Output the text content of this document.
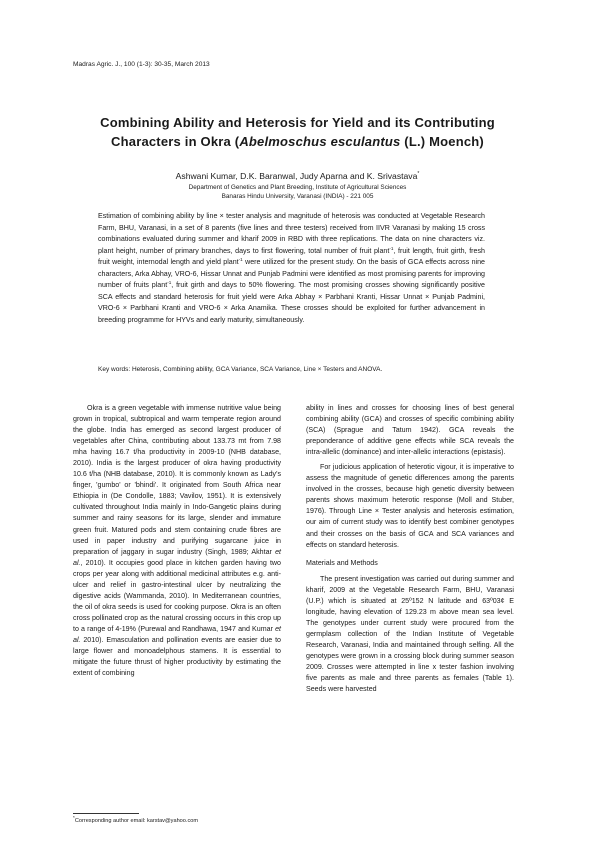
Madras Agric. J., 100 (1-3): 30-35, March 2013
Combining Ability and Heterosis for Yield and its Contributing
Characters in Okra (Abelmoschus esculantus (L.) Moench)
Ashwani Kumar, D.K. Baranwal, Judy Aparna and K. Srivastava*
Department of Genetics and Plant Breeding, Institute of Agricultural Sciences
Banaras Hindu University, Varanasi (INDIA) - 221 005
Estimation of combining ability by line × tester analysis and magnitude of heterosis was conducted at Vegetable Research Farm, BHU, Varanasi, in a set of 8 parents (five lines and three testers) received from IIVR Varanasi by making 15 cross combinations evaluated during summer and kharif 2009 in RBD with three replications. The data on nine characters viz. plant height, number of primary branches, days to first flowering, total number of fruit plant$^{-1}$, fruit length, fruit girth, fresh fruit weight, internodal length and yield plant$^{-1}$ were utilized for the present study. On the basis of GCA effects across nine characters, Arka Abhay, VRO-6, Hissar Unnat and Punjab Padmini were identified as most promising parents for improving number of fruits plant$^{-1}$, fruit girth and days to 50% flowering. The most promising crosses showing significantly positive SCA effects and standard heterosis for fruit yield were Arka Abhay × Parbhani Kranti, Hissar Unnat × Punjab Padmini, VRO-6 × Parbhani Kranti and VRO-6 × Arka Anamika. These crosses should be exploited for further advancement in breeding programme for HYVs and early maturity, simultaneously.
Key words: Heterosis, Combining ability, GCA Variance, SCA Variance, Line × Testers and ANOVA.

Okra is a green vegetable with immense nutritive value being grown in tropical, subtropical and warm temperate region around the globe. India has emerged as second largest producer of vegetables after China, contributing about 133.73 mt from 7.98 mha having 16.7 t/ha productivity in 2009-10 (NHB database, 2010). India is the largest producer of okra having productivity 10.6 t/ha (NHB database, 2010). It is commonly known as Lady's finger, 'gumbo' or 'bhindi'. It originated from South Africa near Ethiopia in (De Condolle, 1883; Vavilov, 1951). It is extensively cultivated throughout India mainly in Indo-Gangetic plains during summer and rainy seasons for its large, slender and immature green fruit. Matured pods and stem containing crude fibres are used in paper industry and purifying sugarcane juice in preparation of jaggary in sugar industry (Singh, 1989; Akhtar et al., 2010). It occupies good place in kitchen garden having two crops per year along with additional medicinal attributes e.g. anti-ulcer and relief in gastro-intestinal ulcer by neutralizing the digestive acids (Wammanda, 2010). In Mediterranean countries, the oil of okra seeds is used for cooking purpose. Okra is an often cross pollinated crop as the natural crossing occurs in this crop up to a range of 4-19% (Purewal and Randhawa, 1947 and Kumar et al. 2010). Emasculation and pollination events are easier due to large flower and monoadelphous stamens. It is essential to mitigate the future thrust of higher productivity by estimating the extent of combining

ability in lines and crosses for choosing lines of best general combining ability (GCA) and crosses of specific combining ability (SCA) (Sprague and Tatum 1942). GCA reveals the preponderance of additive gene effects while SCA reveals the intra-allelic (dominance) and inter-allelic interactions (epistasis).

For judicious application of heterotic vigour, it is imperative to assess the magnitude of genetic differences among the parents involved in the crosses, because high genetic diversity between parents shows maximum heterotic response (Moll and Stuber, 1976). Through Line × Tester analysis and heterosis estimation, our aim of current study was to identify best combiner genotypes and their crosses on the basis of GCA and SCA variances and effects on standard heterosis.

Materials and Methods

The present investigation was carried out during summer and kharif, 2009 at the Vegetable Research Farm, BHU, Varanasi (U.P.) which is situated at 25º152 N latitude and 63º03¢ E longitude, having elevation of 129.23 m above mean sea level. The genotypes under current study were procured from the germplasm collection of the Indian Institute of Vegetable Research, Varanasi, India and maintained through selfing. All the genotypes were grown in a crossing block during summer season 2009. Crosses were attempted in line x tester fashion involving five parents as male and three parents as females (Table 1). Seeds were harvested

*Corresponding author email: karstav@yahoo.com
